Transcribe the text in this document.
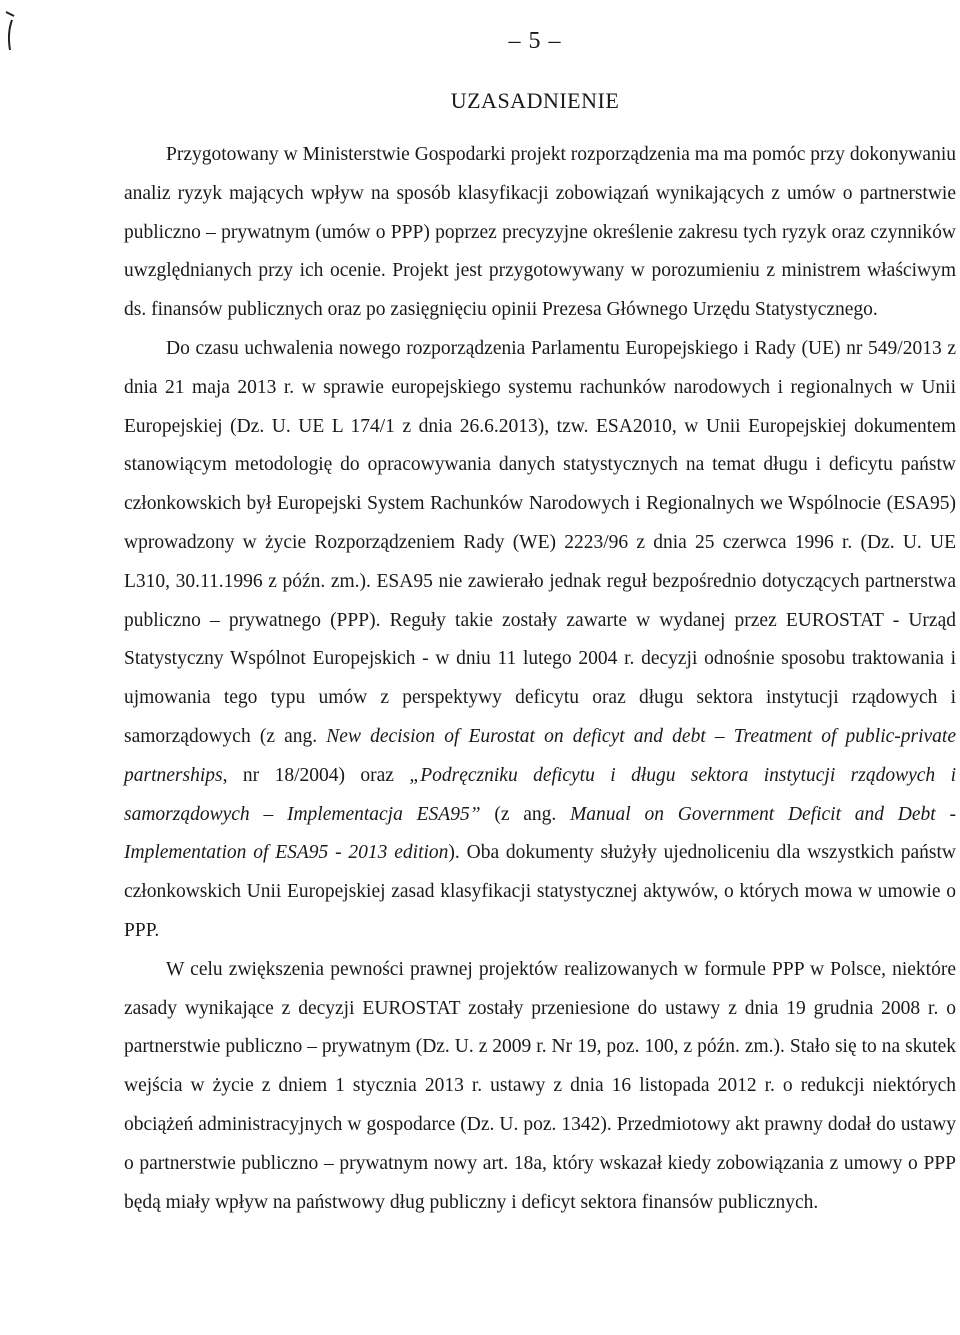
– 5 –
UZASADNIENIE

Przygotowany w Ministerstwie Gospodarki projekt rozporządzenia ma ma pomóc przy dokonywaniu analiz ryzyk mających wpływ na sposób klasyfikacji zobowiązań wynikających z umów o partnerstwie publiczno – prywatnym (umów o PPP) poprzez precyzyjne określenie zakresu tych ryzyk oraz czynników uwzględnianych przy ich ocenie. Projekt jest przygotowywany w porozumieniu z ministrem właściwym ds. finansów publicznych oraz po zasięgnięciu opinii Prezesa Głównego Urzędu Statystycznego.

Do czasu uchwalenia nowego rozporządzenia Parlamentu Europejskiego i Rady (UE) nr 549/2013 z dnia 21 maja 2013 r. w sprawie europejskiego systemu rachunków narodowych i regionalnych w Unii Europejskiej (Dz. U. UE L 174/1 z dnia 26.6.2013), tzw. ESA2010, w Unii Europejskiej dokumentem stanowiącym metodologię do opracowywania danych statystycznych na temat długu i deficytu państw członkowskich był Europejski System Rachunków Narodowych i Regionalnych we Wspólnocie (ESA95) wprowadzony w życie Rozporządzeniem Rady (WE) 2223/96 z dnia 25 czerwca 1996 r. (Dz. U. UE L310, 30.11.1996 z późn. zm.). ESA95 nie zawierało jednak reguł bezpośrednio dotyczących partnerstwa publiczno – prywatnego (PPP). Reguły takie zostały zawarte w wydanej przez EUROSTAT - Urząd Statystyczny Wspólnot Europejskich - w dniu 11 lutego 2004 r. decyzji odnośnie sposobu traktowania i ujmowania tego typu umów z perspektywy deficytu oraz długu sektora instytucji rządowych i samorządowych (z ang. New decision of Eurostat on deficyt and debt – Treatment of public-private partnerships, nr 18/2004) oraz „Podręczniku deficytu i długu sektora instytucji rządowych i samorządowych – Implementacja ESA95” (z ang. Manual on Government Deficit and Debt - Implementation of ESA95 - 2013 edition). Oba dokumenty służyły ujednoliceniu dla wszystkich państw członkowskich Unii Europejskiej zasad klasyfikacji statystycznej aktywów, o których mowa w umowie o PPP.

W celu zwiększenia pewności prawnej projektów realizowanych w formule PPP w Polsce, niektóre zasady wynikające z decyzji EUROSTAT zostały przeniesione do ustawy z dnia 19 grudnia 2008 r. o partnerstwie publiczno – prywatnym (Dz. U. z 2009 r. Nr 19, poz. 100, z późn. zm.). Stało się to na skutek wejścia w życie z dniem 1 stycznia 2013 r. ustawy z dnia 16 listopada 2012 r. o redukcji niektórych obciążeń administracyjnych w gospodarce (Dz. U. poz. 1342). Przedmiotowy akt prawny dodał do ustawy o partnerstwie publiczno – prywatnym nowy art. 18a, który wskazał kiedy zobowiązania z umowy o PPP będą miały wpływ na państwowy dług publiczny i deficyt sektora finansów publicznych.
